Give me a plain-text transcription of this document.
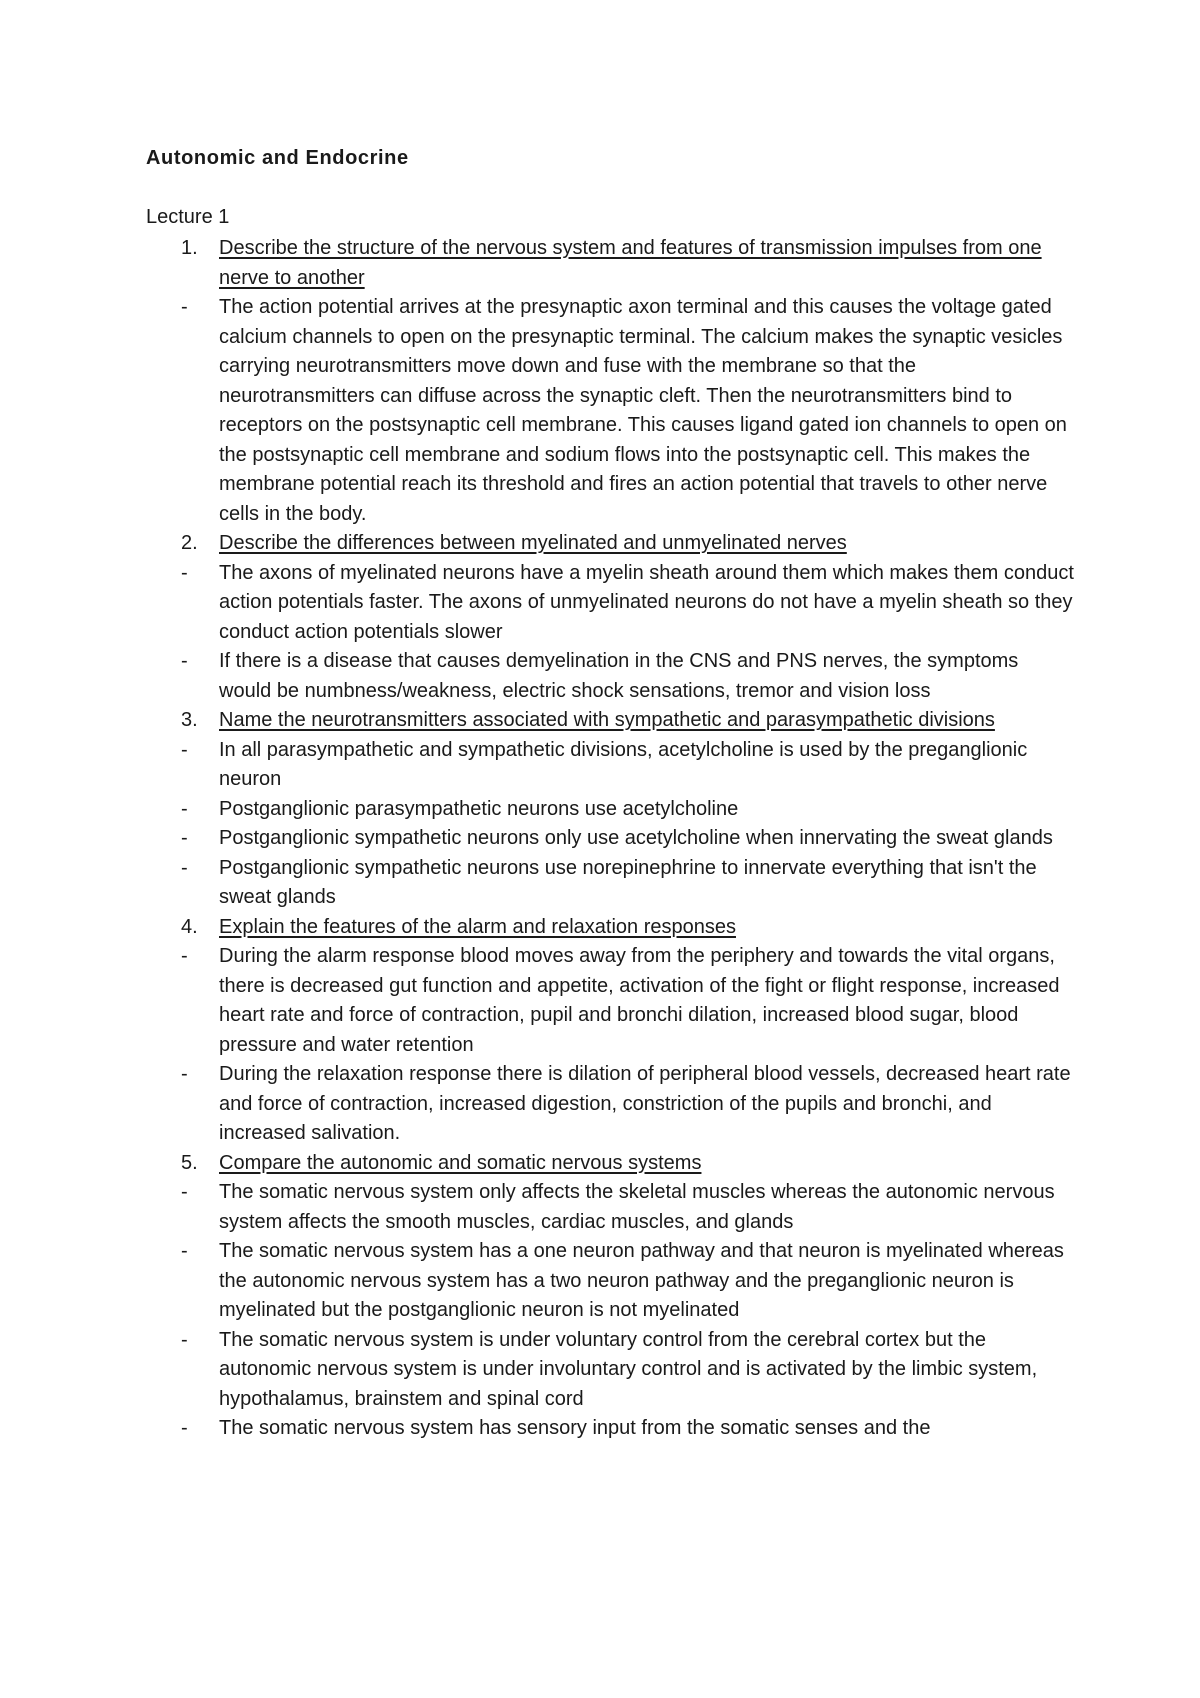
Autonomic and Endocrine
Lecture 1
1.	Describe the structure of the nervous system and features of transmission impulses from one nerve to another
-	The action potential arrives at the presynaptic axon terminal and this causes the voltage gated calcium channels to open on the presynaptic terminal. The calcium makes the synaptic vesicles carrying neurotransmitters move down and fuse with the membrane so that the neurotransmitters can diffuse across the synaptic cleft. Then the neurotransmitters bind to receptors on the postsynaptic cell membrane. This causes ligand gated ion channels to open on the postsynaptic cell membrane and sodium flows into the postsynaptic cell. This makes the membrane potential reach its threshold and fires an action potential that travels to other nerve cells in the body.
2.	Describe the differences between myelinated and unmyelinated nerves
-	The axons of myelinated neurons have a myelin sheath around them which makes them conduct action potentials faster. The axons of unmyelinated neurons do not have a myelin sheath so they conduct action potentials slower
-	If there is a disease that causes demyelination in the CNS and PNS nerves, the symptoms would be numbness/weakness, electric shock sensations, tremor and vision loss
3.	Name the neurotransmitters associated with sympathetic and parasympathetic divisions
-	In all parasympathetic and sympathetic divisions, acetylcholine is used by the preganglionic neuron
-	Postganglionic parasympathetic neurons use acetylcholine
-	Postganglionic sympathetic neurons only use acetylcholine when innervating the sweat glands
-	Postganglionic sympathetic neurons use norepinephrine to innervate everything that isn't the sweat glands
4.	Explain the features of the alarm and relaxation responses
-	During the alarm response blood moves away from the periphery and towards the vital organs, there is decreased gut function and appetite, activation of the fight or flight response, increased heart rate and force of contraction, pupil and bronchi dilation, increased blood sugar, blood pressure and water retention
-	During the relaxation response there is dilation of peripheral blood vessels, decreased heart rate and force of contraction, increased digestion, constriction of the pupils and bronchi, and increased salivation.
5.	Compare the autonomic and somatic nervous systems
-	The somatic nervous system only affects the skeletal muscles whereas the autonomic nervous system affects the smooth muscles, cardiac muscles, and glands
-	The somatic nervous system has a one neuron pathway and that neuron is myelinated whereas the autonomic nervous system has a two neuron pathway and the preganglionic neuron is myelinated but the postganglionic neuron is not myelinated
-	The somatic nervous system is under voluntary control from the cerebral cortex but the autonomic nervous system is under involuntary control and is activated by the limbic system, hypothalamus, brainstem and spinal cord
-	The somatic nervous system has sensory input from the somatic senses and the
